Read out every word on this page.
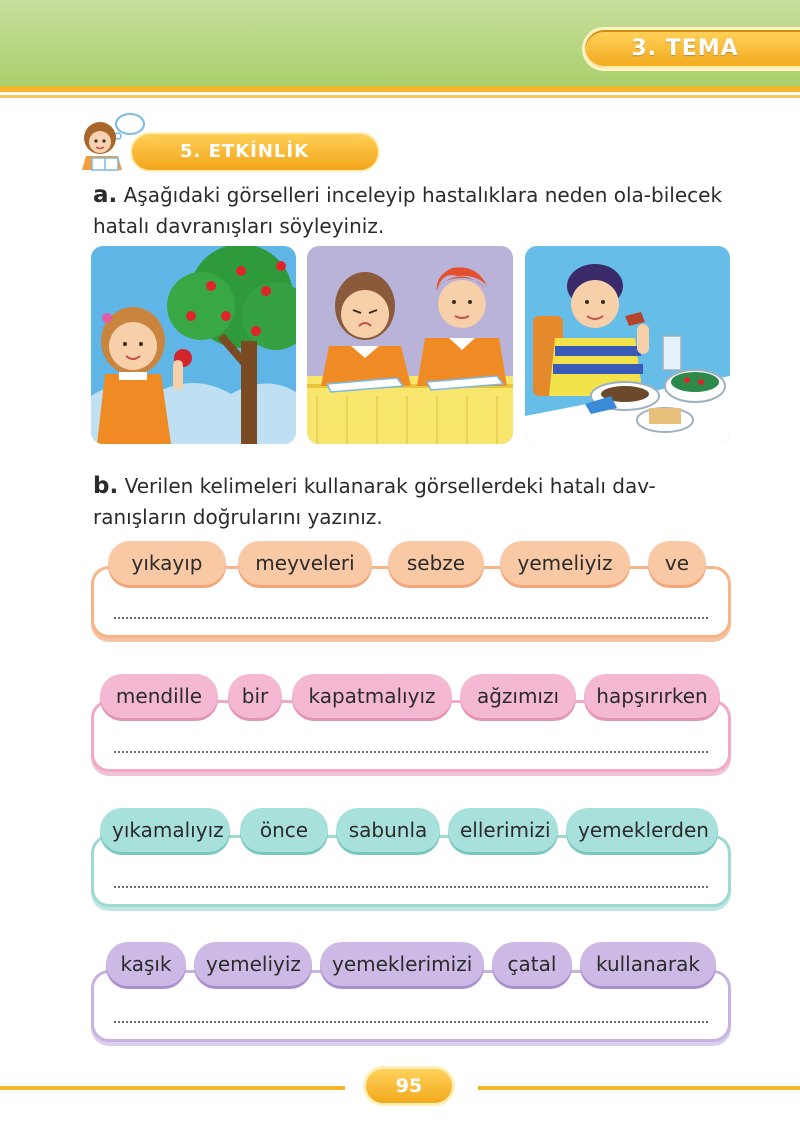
3. TEMA
5. ETKİNLİK
a. Aşağıdaki görselleri inceleyip hastalıklara neden ola-bilecek hatalı davranışları söyleyiniz.
b. Verilen kelimeleri kullanarak görsellerdeki hatalı dav-ranışların doğrularını yazınız.
yıkayıp	meyveleri	sebze	yemeliyiz	ve
mendille	bir	kapatmalıyız	ağzımızı	hapşırırken
yıkamalıyız	önce	sabunla	ellerimizi	yemeklerden
kaşık	yemeliyiz	yemeklerimizi	çatal	kullanarak
95
